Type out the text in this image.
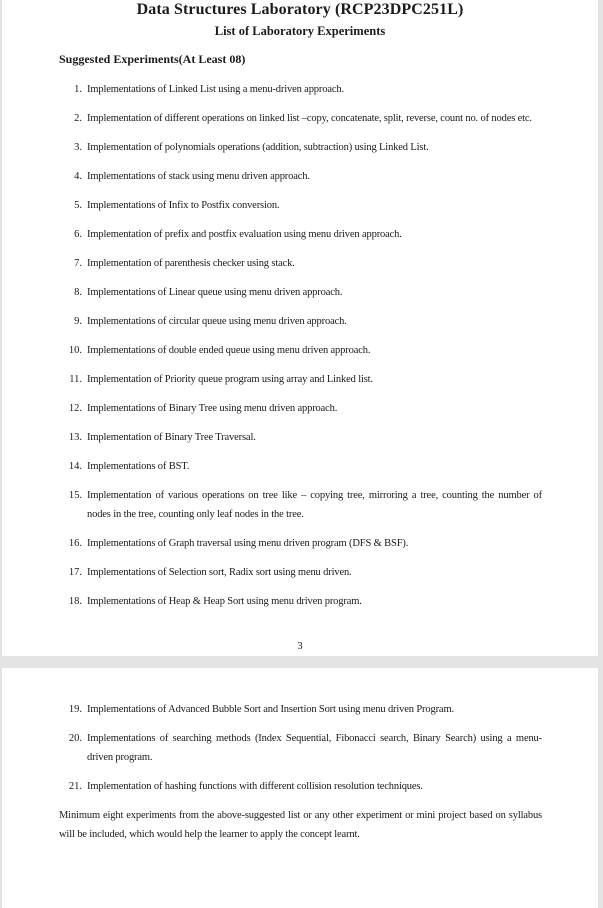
Data Structures Laboratory (RCP23DPC251L)
List of Laboratory Experiments
Suggested Experiments(At Least 08)
1. Implementations of Linked List using a menu-driven approach.
2. Implementation of different operations on linked list –copy, concatenate, split, reverse, count no. of nodes etc.
3. Implementation of polynomials operations (addition, subtraction) using Linked List.
4. Implementations of stack using menu driven approach.
5. Implementations of Infix to Postfix conversion.
6. Implementation of prefix and postfix evaluation using menu driven approach.
7. Implementation of parenthesis checker using stack.
8. Implementations of Linear queue using menu driven approach.
9. Implementations of circular queue using menu driven approach.
10. Implementations of double ended queue using menu driven approach.
11. Implementation of Priority queue program using array and Linked list.
12. Implementations of Binary Tree using menu driven approach.
13. Implementation of Binary Tree Traversal.
14. Implementations of BST.
15. Implementation of various operations on tree like – copying tree, mirroring a tree, counting the number of nodes in the tree, counting only leaf nodes in the tree.
16. Implementations of Graph traversal using menu driven program (DFS & BSF).
17. Implementations of Selection sort, Radix sort using menu driven.
18. Implementations of Heap & Heap Sort using menu driven program.
3
19. Implementations of Advanced Bubble Sort and Insertion Sort using menu driven Program.
20. Implementations of searching methods (Index Sequential, Fibonacci search, Binary Search) using a menu-driven program.
21. Implementation of hashing functions with different collision resolution techniques.

Minimum eight experiments from the above-suggested list or any other experiment or mini project based on syllabus will be included, which would help the learner to apply the concept learnt.
